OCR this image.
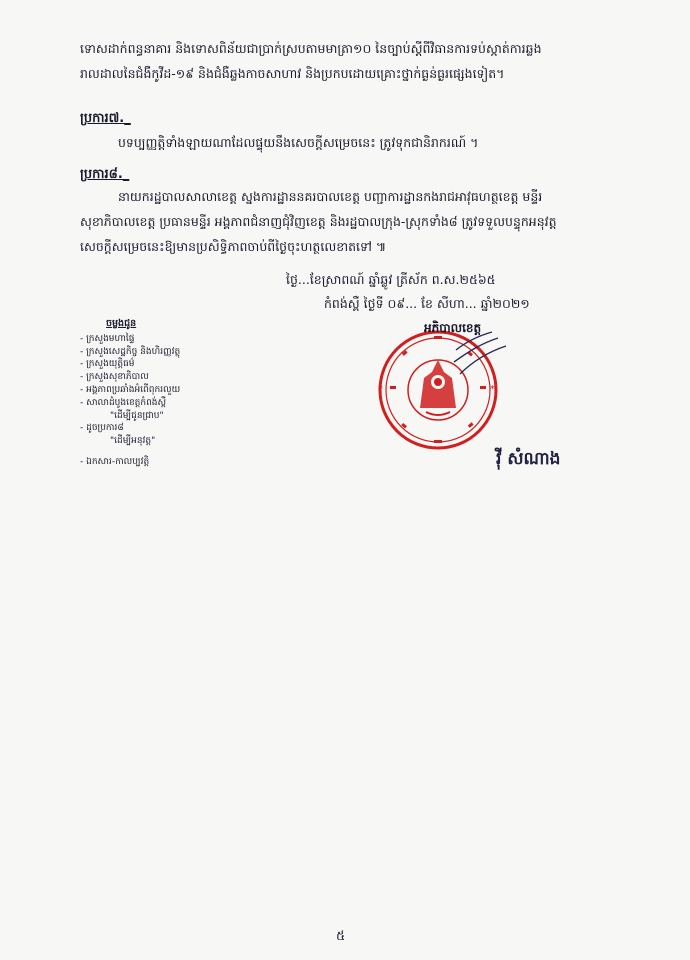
ទោសដាក់ពន្ធនាគារ និងទោសពិន័យជាប្រាក់ស្របតាមមាត្រា១០ នៃច្បាប់ស្តីពីវិធានការទប់ស្កាត់ការឆ្លង
រាលដាលនៃជំងឺកូវីដ-១៩ និងជំងឺឆ្លងកាចសាហាវ និងប្រកបដោយគ្រោះថ្នាក់ធ្ងន់ធ្ងរផ្សេងទៀត។
ប្រការ៧._
បទប្បញ្ញត្តិទាំងឡាយណាដែលផ្ទុយនឹងសេចក្តីសម្រេចនេះ ត្រូវទុកជានិរាករណ៍ ។
ប្រការ៨._
នាយករដ្ឋបាលសាលាខេត្ត ស្នងការដ្ឋាននគរបាលខេត្ត បញ្ជាការដ្ឋានកងរាជអាវុធហត្ថខេត្ត មន្ទីរ
សុខាភិបាលខេត្ត ប្រធានមន្ទីរ អង្គភាពជំនាញជុំវិញខេត្ត និងរដ្ឋបាលក្រុង-ស្រុកទាំង៨ ត្រូវទទួលបន្ទុកអនុវត្ត
សេចក្តីសម្រេចនេះឱ្យមានប្រសិទ្ធិភាពចាប់ពីថ្ងៃចុះហត្ថលេខាតទៅ ៕
ថ្ងៃ...ខែស្រាពណ៍ ឆ្នាំឆ្លូវ ត្រីស័ក ព.ស.២៥៦៥
កំពង់ស្ពឺ ថ្ងៃទី ០៩... ខែ សីហា... ឆ្នាំ២០២១
ចម្លងជូន
- ក្រសួងមហាផ្ទៃ
- ក្រសួងសេដ្ឋកិច្ច និងហិរញ្ញវត្ថុ
- ក្រសួងយុត្តិធម៌
- ក្រសួងសុខាភិបាល
- អង្គភាពប្រឆាំងអំពើពុករលួយ
- សាលាដំបូងខេត្តកំពង់ស្ពឺ
"ដើម្បីជូនជ្រាប"
- ដូចប្រការ៨
"ដើម្បីអនុវត្ត"
- ឯកសារ-កាលប្បវត្តិ
*	*
អភិបាលខេត្ត
វ៉ី សំណាង
៥
